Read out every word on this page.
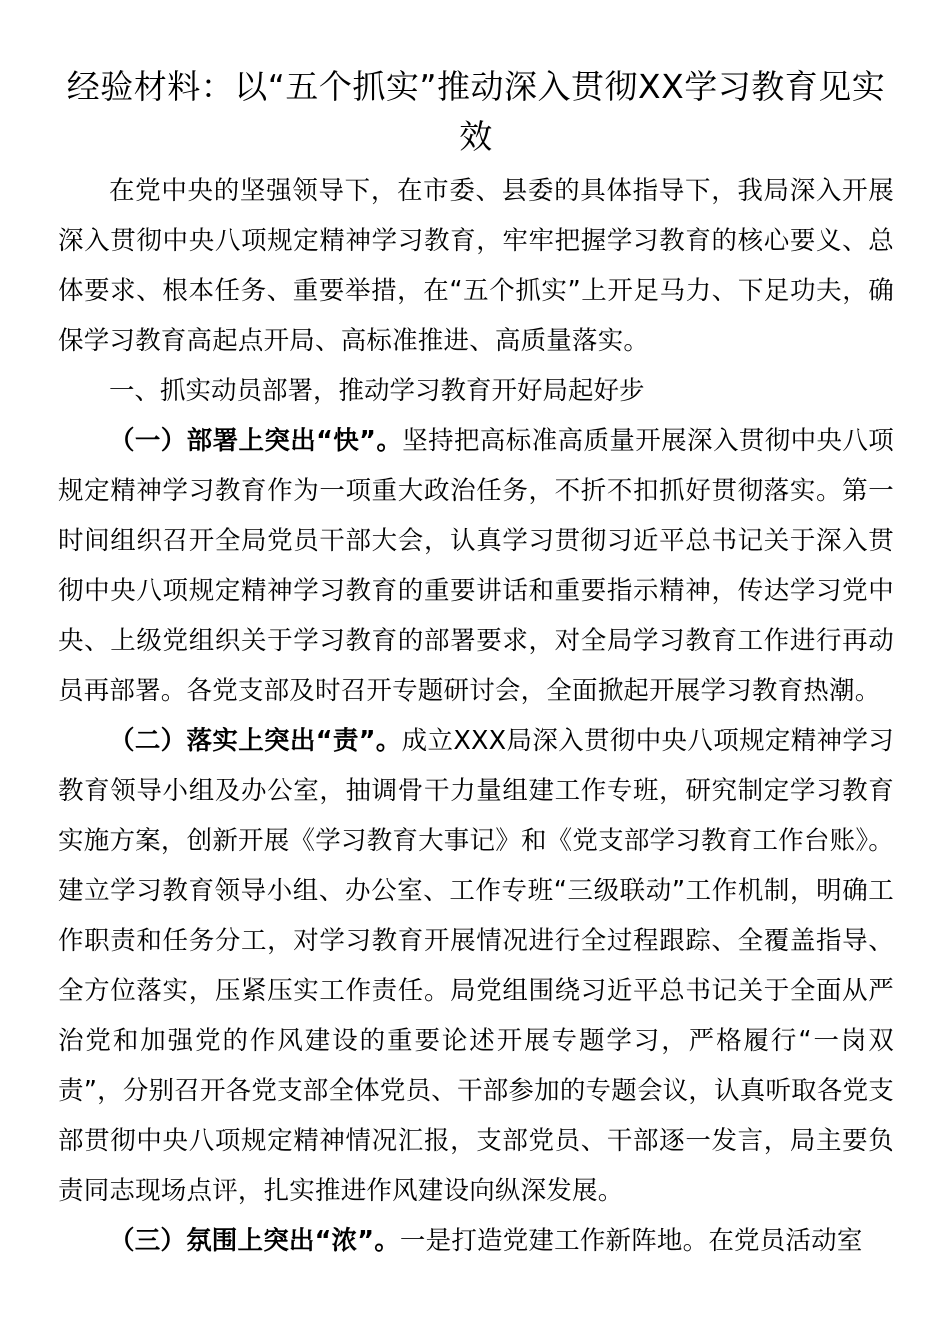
经验材料：以“五个抓实”推动深入贯彻XX学习教育见实效

在党中央的坚强领导下，在市委、县委的具体指导下，我局深入开展深入贯彻中央八项规定精神学习教育，牢牢把握学习教育的核心要义、总体要求、根本任务、重要举措，在“五个抓实”上开足马力、下足功夫，确保学习教育高起点开局、高标准推进、高质量落实。

一、抓实动员部署，推动学习教育开好局起好步

（一）部署上突出“快”。坚持把高标准高质量开展深入贯彻中央八项规定精神学习教育作为一项重大政治任务，不折不扣抓好贯彻落实。第一时间组织召开全局党员干部大会，认真学习贯彻习近平总书记关于深入贯彻中央八项规定精神学习教育的重要讲话和重要指示精神，传达学习党中央、上级党组织关于学习教育的部署要求，对全局学习教育工作进行再动员再部署。各党支部及时召开专题研讨会，全面掀起开展学习教育热潮。

（二）落实上突出“责”。成立XXX局深入贯彻中央八项规定精神学习教育领导小组及办公室，抽调骨干力量组建工作专班，研究制定学习教育实施方案，创新开展《学习教育大事记》和《党支部学习教育工作台账》。建立学习教育领导小组、办公室、工作专班“三级联动”工作机制，明确工作职责和任务分工，对学习教育开展情况进行全过程跟踪、全覆盖指导、全方位落实，压紧压实工作责任。局党组围绕习近平总书记关于全面从严治党和加强党的作风建设的重要论述开展专题学习，严格履行“一岗双责”，分别召开各党支部全体党员、干部参加的专题会议，认真听取各党支部贯彻中央八项规定精神情况汇报，支部党员、干部逐一发言，局主要负责同志现场点评，扎实推进作风建设向纵深发展。

（三）氛围上突出“浓”。一是打造党建工作新阵地。在党员活动室
